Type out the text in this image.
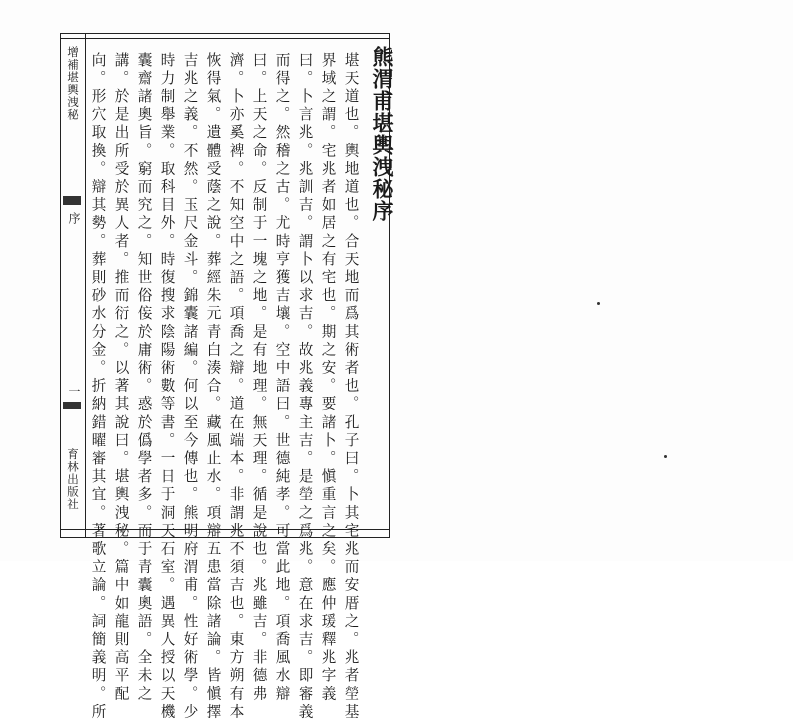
熊渭甫堪輿洩秘序
堪天道也。輿地道也。合天地而爲其術者也。孔子曰。卜其宅兆而安厝之。兆者塋基
界域之謂。宅兆者如居之有宅也。期之安。要諸卜。愼重言之矣。應仲瑗釋兆字義
曰。卜言兆。兆訓吉。謂卜以求吉。故兆義專主吉。是塋之爲兆。意在求吉。即審義
而得之。然稽之古。尤時亨獲吉壤。空中語曰。世德純孝。可當此地。項喬風水辯
曰。上天之命。反制于一塊之地。是有地理。無天理。循是說也。兆雖吉。非德弗
濟。卜亦奚裨。不知空中之語。項喬之辯。道在端本。非謂兆不須吉也。東方朔有本
恢得氣。遺體受蔭之說。葬經朱元青白湊合。藏風止水。項辯五患當除諸論。皆愼擇
吉兆之義。不然。玉尺金斗。錦囊諸編。何以至今傳也。熊明府渭甫。性好術學。少
時力制舉業。取科目外。時復搜求陰陽術數等書。一日于洞天石室。遇異人授以天機
囊齋諸奧旨。窮而究之。知世俗侫於庸術。惑於僞學者多。而于青囊奧語。全未之
講。於是出所受於異人者。推而衍之。以著其說曰。堪輿洩秘。篇中如龍則高平配
向。形穴取換。辯其勢。葬則砂水分金。折納錯曜審其宜。著歌立論。詞簡義明。所
增補堪輿洩秘
序
一
育林出版社
